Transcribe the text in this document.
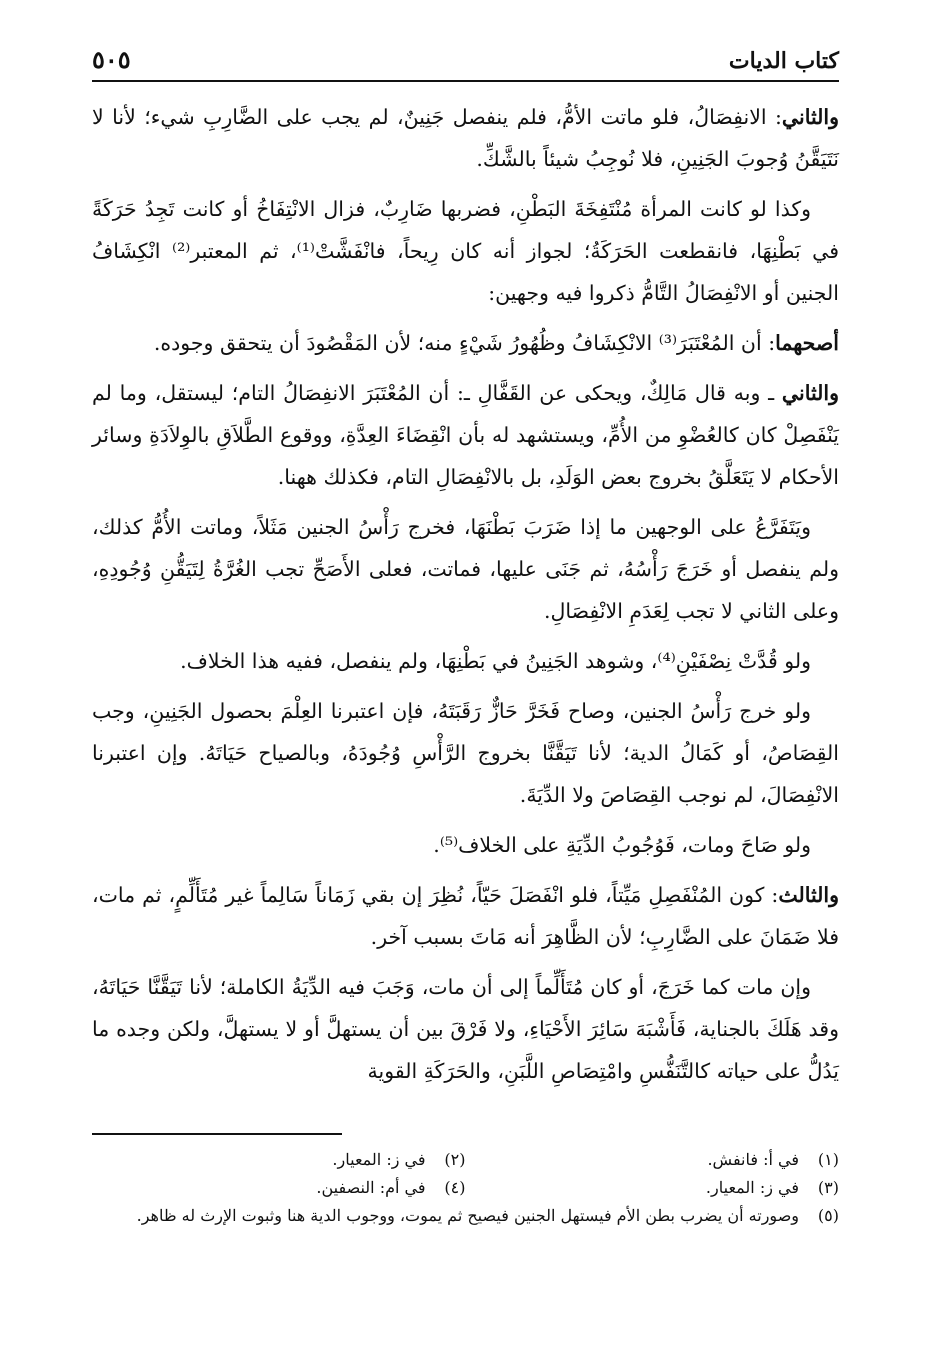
كتاب الديات
٥٠٥

والثاني: الانفِصَالُ، فلو ماتت الأمُّ، فلم ينفصل جَنِينٌ، لم يجب على الضَّارِبِ شيء؛ لأنا لا نَتَيَقَّنُ وُجوبَ الجَنِينِ، فلا نُوجِبُ شيئاً بالشَّكِّ.

وكذا لو كانت المرأة مُنْتَفِخَةَ البَطْنِ، فضربها ضَارِبٌ، فزال الانْتِفَاخُ أو كانت تَجِدُ حَرَكَةً في بَطْنِهَا، فانقطعت الحَرَكَةُ؛ لجواز أنه كان رِيحاً، فانْفَشَّتْ⁽¹⁾، ثم المعتبر⁽²⁾ انْكِشَافُ الجنين أو الانْفِصَالُ التَّامُّ ذكروا فيه وجهين:

أصحهما: أن المُعْتَبَرَ⁽³⁾ الانْكِشَافُ وظُهُورُ شَيْءٍ منه؛ لأن المَقْصُودَ أن يتحقق وجوده.

والثاني ـ وبه قال مَالِكٌ، ويحكى عن القَفَّالِ ـ: أن المُعْتَبَرَ الانفِصَالُ التام؛ ليستقل، وما لم يَنْفَصِلْ كان كالعُضْوِ من الأُمِّ، ويستشهد له بأن انْقِضَاءَ العِدَّةِ، ووقوع الطَّلاَقِ بالوِلاَدَةِ وسائر الأحكام لا يَتَعَلَّقُ بخروج بعض الوَلَدِ، بل بالانْفِصَالِ التام، فكذلك ههنا.

ويَتَفَرَّعُ على الوجهين ما إذا ضَرَبَ بَطْنَهَا، فخرج رَأْسُ الجنين مَثَلاً، وماتت الأُمُّ كذلك، ولم ينفصل أو خَرَجَ رَأْسُهُ، ثم جَنَى عليها، فماتت، فعلى الأَصَحِّ تجب الغُرَّةُ لِتَيَقُّنِ وُجُودِهِ، وعلى الثاني لا تجب لِعَدَمِ الانْفِصَالِ.

ولو قُدَّتْ نِصْفَيْنِ⁽⁴⁾، وشوهد الجَنِينُ في بَطْنِهَا، ولم ينفصل، ففيه هذا الخلاف.

ولو خرج رَأْسُ الجنين، وصاح فَخَرَّ حَازٌّ رَقَبَتَهُ، فإن اعتبرنا العِلْمَ بحصول الجَنِينِ، وجب القِصَاصُ، أو كَمَالُ الدية؛ لأنا تَيَقَّنَّا بخروج الرَّأْسِ وُجُودَهُ، وبالصياح حَيَاتَهُ. وإن اعتبرنا الانْفِصَالَ، لم نوجب القِصَاصَ ولا الدِّيَةَ.

ولو صَاحَ ومات، فَوُجُوبُ الدِّيَةِ على الخلاف⁽⁵⁾.

والثالث: كون المُنْفَصِلِ مَيِّتاً، فلو انْفَصَلَ حَيّاً، نُظِرَ إن بقي زَمَاناً سَالِماً غير مُتَأَلِّمٍ، ثم مات، فلا ضَمَانَ على الضَّارِبِ؛ لأن الظَّاهِرَ أنه مَاتَ بسبب آخر.

وإن مات كما خَرَجَ، أو كان مُتَأَلِّماً إلى أن مات، وَجَبَ فيه الدِّيَةُ الكاملة؛ لأنا تَيَقَّنَّا حَيَاتَهُ، وقد هَلَكَ بالجناية، فَأَشْبَهَ سَائِرَ الأَحْيَاءِ، ولا فَرْقَ بين أن يستهلَّ أو لا يستهلَّ، ولكن وجده ما يَدُلُّ على حياته كالتَّنَفُّسِ وامْتِصَاصِ اللَّبَنِ، والحَرَكَةِ القوية

(١)
في أ: فانفش.
(٢)
في ز: المعيار.
(٣)
في ز: المعيار.
(٤)
في أم: النصفين.
(٥)
وصورته أن يضرب بطن الأم فيستهل الجنين فيصيح ثم يموت، ووجوب الدية هنا وثبوت الإرث له ظاهر.
